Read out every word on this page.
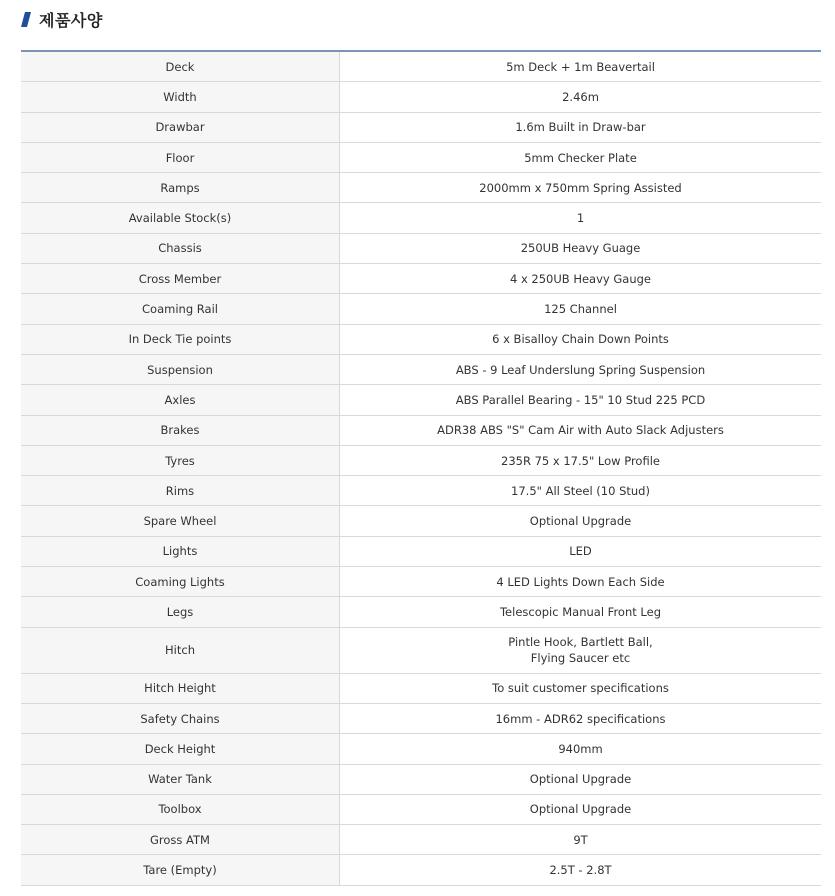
제품사양
Deck	5m Deck + 1m Beavertail

Width	2.46m

Drawbar	1.6m Built in Draw-bar

Floor	5mm Checker Plate

Ramps	2000mm x 750mm Spring Assisted

Available Stock(s)	1

Chassis	250UB Heavy Guage

Cross Member	4 x 250UB Heavy Gauge

Coaming Rail	125 Channel

In Deck Tie points	6 x Bisalloy Chain Down Points

Suspension	ABS - 9 Leaf Underslung Spring Suspension

Axles	ABS Parallel Bearing - 15" 10 Stud 225 PCD

Brakes	ADR38 ABS "S" Cam Air with Auto Slack Adjusters

Tyres	235R 75 x 17.5" Low Profile

Rims	17.5" All Steel (10 Stud)

Spare Wheel	Optional Upgrade

Lights	LED

Coaming Lights	4 LED Lights Down Each Side

Legs	Telescopic Manual Front Leg

Hitch	Pintle Hook, Bartlett Ball,
Flying Saucer etc

Hitch Height	To suit customer specifications

Safety Chains	16mm - ADR62 specifications

Deck Height	940mm

Water Tank	Optional Upgrade

Toolbox	Optional Upgrade

Gross ATM	9T

Tare (Empty)	2.5T - 2.8T
